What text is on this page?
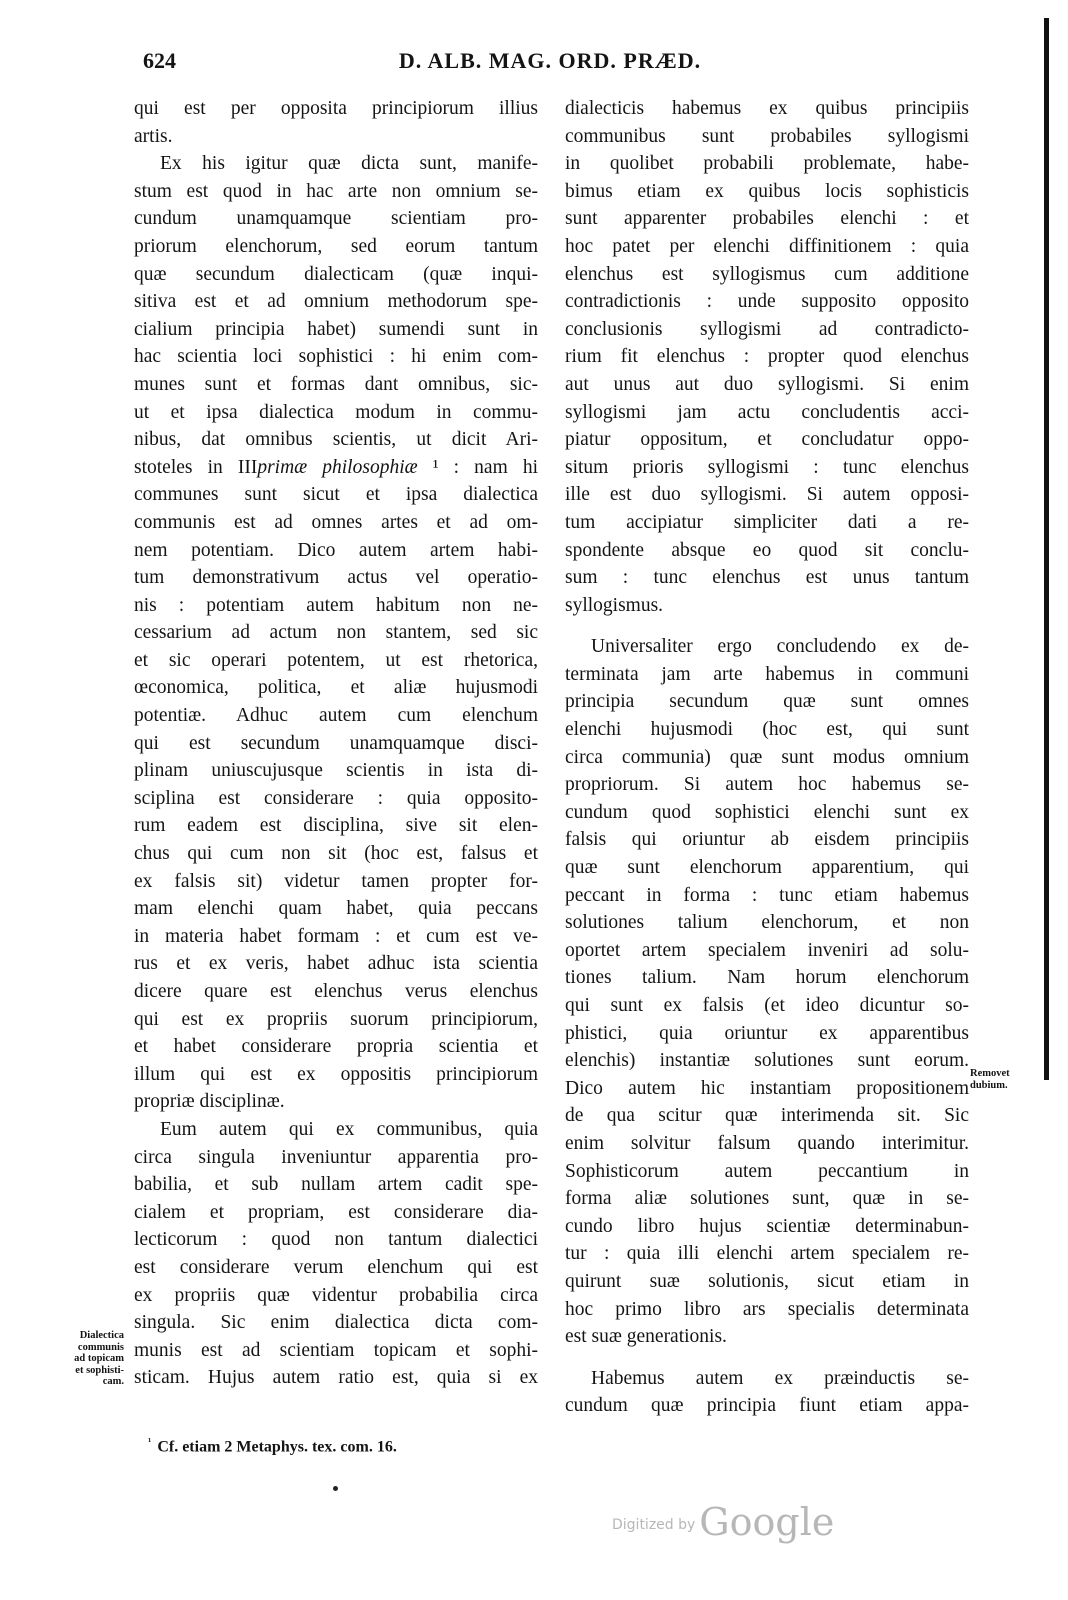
624	D. ALB. MAG. ORD. PRÆD.
qui est per opposita principiorum illius
artis.
Ex his igitur quæ dicta sunt, manife-
stum est quod in hac arte non omnium se-
cundum unamquamque scientiam pro-
priorum elenchorum, sed eorum tantum
quæ secundum dialecticam (quæ inqui-
sitiva est et ad omnium methodorum spe-
cialium principia habet) sumendi sunt in
hac scientia loci sophistici : hi enim com-
munes sunt et formas dant omnibus, sic-
ut et ipsa dialectica modum in commu-
nibus, dat omnibus scientis, ut dicit Ari-
stoteles in IIIprimæ philosophiæ ¹ : nam hi
communes sunt sicut et ipsa dialectica
communis est ad omnes artes et ad om-
nem potentiam. Dico autem artem habi-
tum demonstrativum actus vel operatio-
nis : potentiam autem habitum non ne-
cessarium ad actum non stantem, sed sic
et sic operari potentem, ut est rhetorica,
œconomica, politica, et aliæ hujusmodi
potentiæ. Adhuc autem cum elenchum
qui est secundum unamquamque disci-
plinam uniuscujusque scientis in ista di-
sciplina est considerare : quia opposito-
rum eadem est disciplina, sive sit elen-
chus qui cum non sit (hoc est, falsus et
ex falsis sit) videtur tamen propter for-
mam elenchi quam habet, quia peccans
in materia habet formam : et cum est ve-
rus et ex veris, habet adhuc ista scientia
dicere quare est elenchus verus elenchus
qui est ex propriis suorum principiorum,
et habet considerare propria scientia et
illum qui est ex oppositis principiorum
propriæ disciplinæ.
Eum autem qui ex communibus, quia
circa singula inveniuntur apparentia pro-
babilia, et sub nullam artem cadit spe-
cialem et propriam, est considerare dia-
lecticorum : quod non tantum dialectici
est considerare verum elenchum qui est
ex propriis quæ videntur probabilia circa
singula. Sic enim dialectica dicta com-
munis est ad scientiam topicam et sophi-
sticam. Hujus autem ratio est, quia si ex
dialecticis habemus ex quibus principiis
communibus sunt probabiles syllogismi
in quolibet probabili problemate, habe-
bimus etiam ex quibus locis sophisticis
sunt apparenter probabiles elenchi : et
hoc patet per elenchi diffinitionem : quia
elenchus est syllogismus cum additione
contradictionis : unde supposito opposito
conclusionis syllogismi ad contradicto-
rium fit elenchus : propter quod elenchus
aut unus aut duo syllogismi. Si enim
syllogismi jam actu concludentis acci-
piatur oppositum, et concludatur oppo-
situm prioris syllogismi : tunc elenchus
ille est duo syllogismi. Si autem opposi-
tum accipiatur simpliciter dati a re-
spondente absque eo quod sit conclu-
sum : tunc elenchus est unus tantum
syllogismus.
Universaliter ergo concludendo ex de-
terminata jam arte habemus in communi
principia secundum quæ sunt omnes
elenchi hujusmodi (hoc est, qui sunt
circa communia) quæ sunt modus omnium
propriorum. Si autem hoc habemus se-
cundum quod sophistici elenchi sunt ex
falsis qui oriuntur ab eisdem principiis
quæ sunt elenchorum apparentium, qui
peccant in forma : tunc etiam habemus
solutiones talium elenchorum, et non
oportet artem specialem inveniri ad solu-
tiones talium. Nam horum elenchorum
qui sunt ex falsis (et ideo dicuntur so-
phistici, quia oriuntur ex apparentibus
elenchis) instantiæ solutiones sunt eorum.
Dico autem hic instantiam propositionem
de qua scitur quæ interimenda sit. Sic
enim solvitur falsum quando interimitur.
Sophisticorum autem peccantium in
forma aliæ solutiones sunt, quæ in se-
cundo libro hujus scientiæ determinabun-
tur : quia illi elenchi artem specialem re-
quirunt suæ solutionis, sicut etiam in
hoc primo libro ars specialis determinata
est suæ generationis.
Habemus autem ex præinductis se-
cundum quæ principia fiunt etiam appa-
Dialectica
communis
ad topicam
et sophisti-
cam.
Removet
dubium.
$^{^1}$ Cf. etiam 2 Metaphys. tex. com. 16.
Digitized by Google
